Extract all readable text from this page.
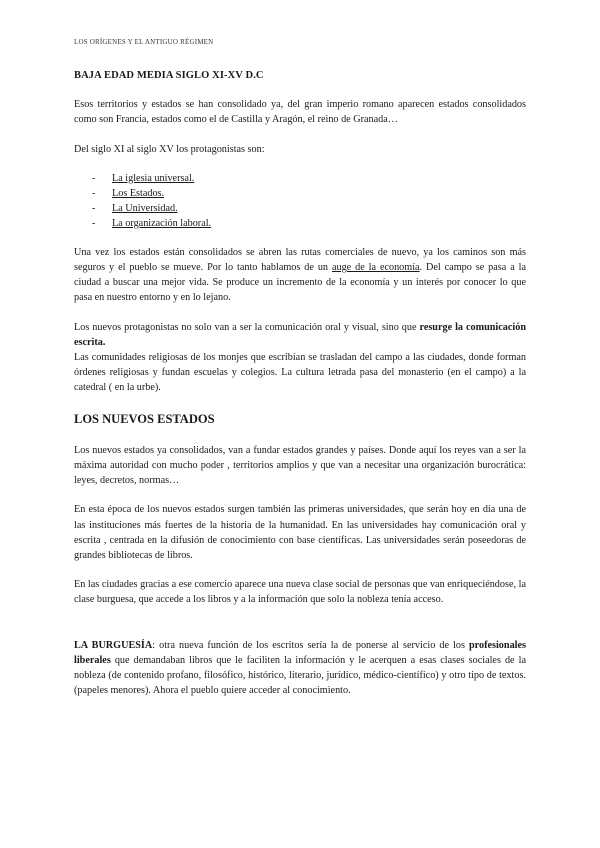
LOS ORÍGENES Y EL ANTIGUO RÉGIMEN
BAJA EDAD MEDIA SIGLO XI-XV D.C

Esos territorios y estados se han consolidado ya, del gran imperio romano aparecen estados consolidados como son Francia, estados como el de Castilla y Aragón, el reino de Granada…

Del siglo XI al siglo XV los protagonistas son:

- La iglesia universal.
- Los Estados.
- La Universidad.
- La organización laboral.

Una vez los estados están consolidados se abren las rutas comerciales de nuevo, ya los caminos son más seguros y el pueblo se mueve. Por lo tanto hablamos de un auge de la economía. Del campo se pasa a la ciudad a buscar una mejor vida. Se produce un incremento de la economía y un interés por conocer lo que pasa en nuestro entorno y en lo lejano.

Los nuevos protagonistas no solo van a ser la comunicación oral y visual, sino que resurge la comunicación escrita.

Las comunidades religiosas de los monjes que escribían se trasladan del campo a las ciudades, donde forman órdenes religiosas y fundan escuelas y colegios. La cultura letrada pasa del monasterio (en el campo) a la catedral ( en la urbe).

LOS NUEVOS ESTADOS

Los nuevos estados ya consolidados, van a fundar estados grandes y países. Donde aquí los reyes van a ser la máxima autoridad con mucho poder , territorios amplios y que van a necesitar una organización burocrática: leyes, decretos, normas…

En esta época de los nuevos estados surgen también las primeras universidades, que serán hoy en día una de las instituciones más fuertes de la historia de la humanidad. En las universidades hay comunicación oral y escrita , centrada en la difusión de conocimiento con base científicas. Las universidades serán poseedoras de grandes bibliotecas de libros.

En las ciudades gracias a ese comercio aparece una nueva clase social de personas que van enriqueciéndose, la clase burguesa, que accede a los libros y a la información que solo la nobleza tenía acceso.

LA BURGUESÍA: otra nueva función de los escritos sería la de ponerse al servicio de los profesionales liberales que demandaban libros que le faciliten la información y le acerquen a esas clases sociales de la nobleza (de contenido profano, filosófico, histórico, literario, jurídico, médico-científico) y otro tipo de textos. (papeles menores). Ahora el pueblo quiere acceder al conocimiento.
